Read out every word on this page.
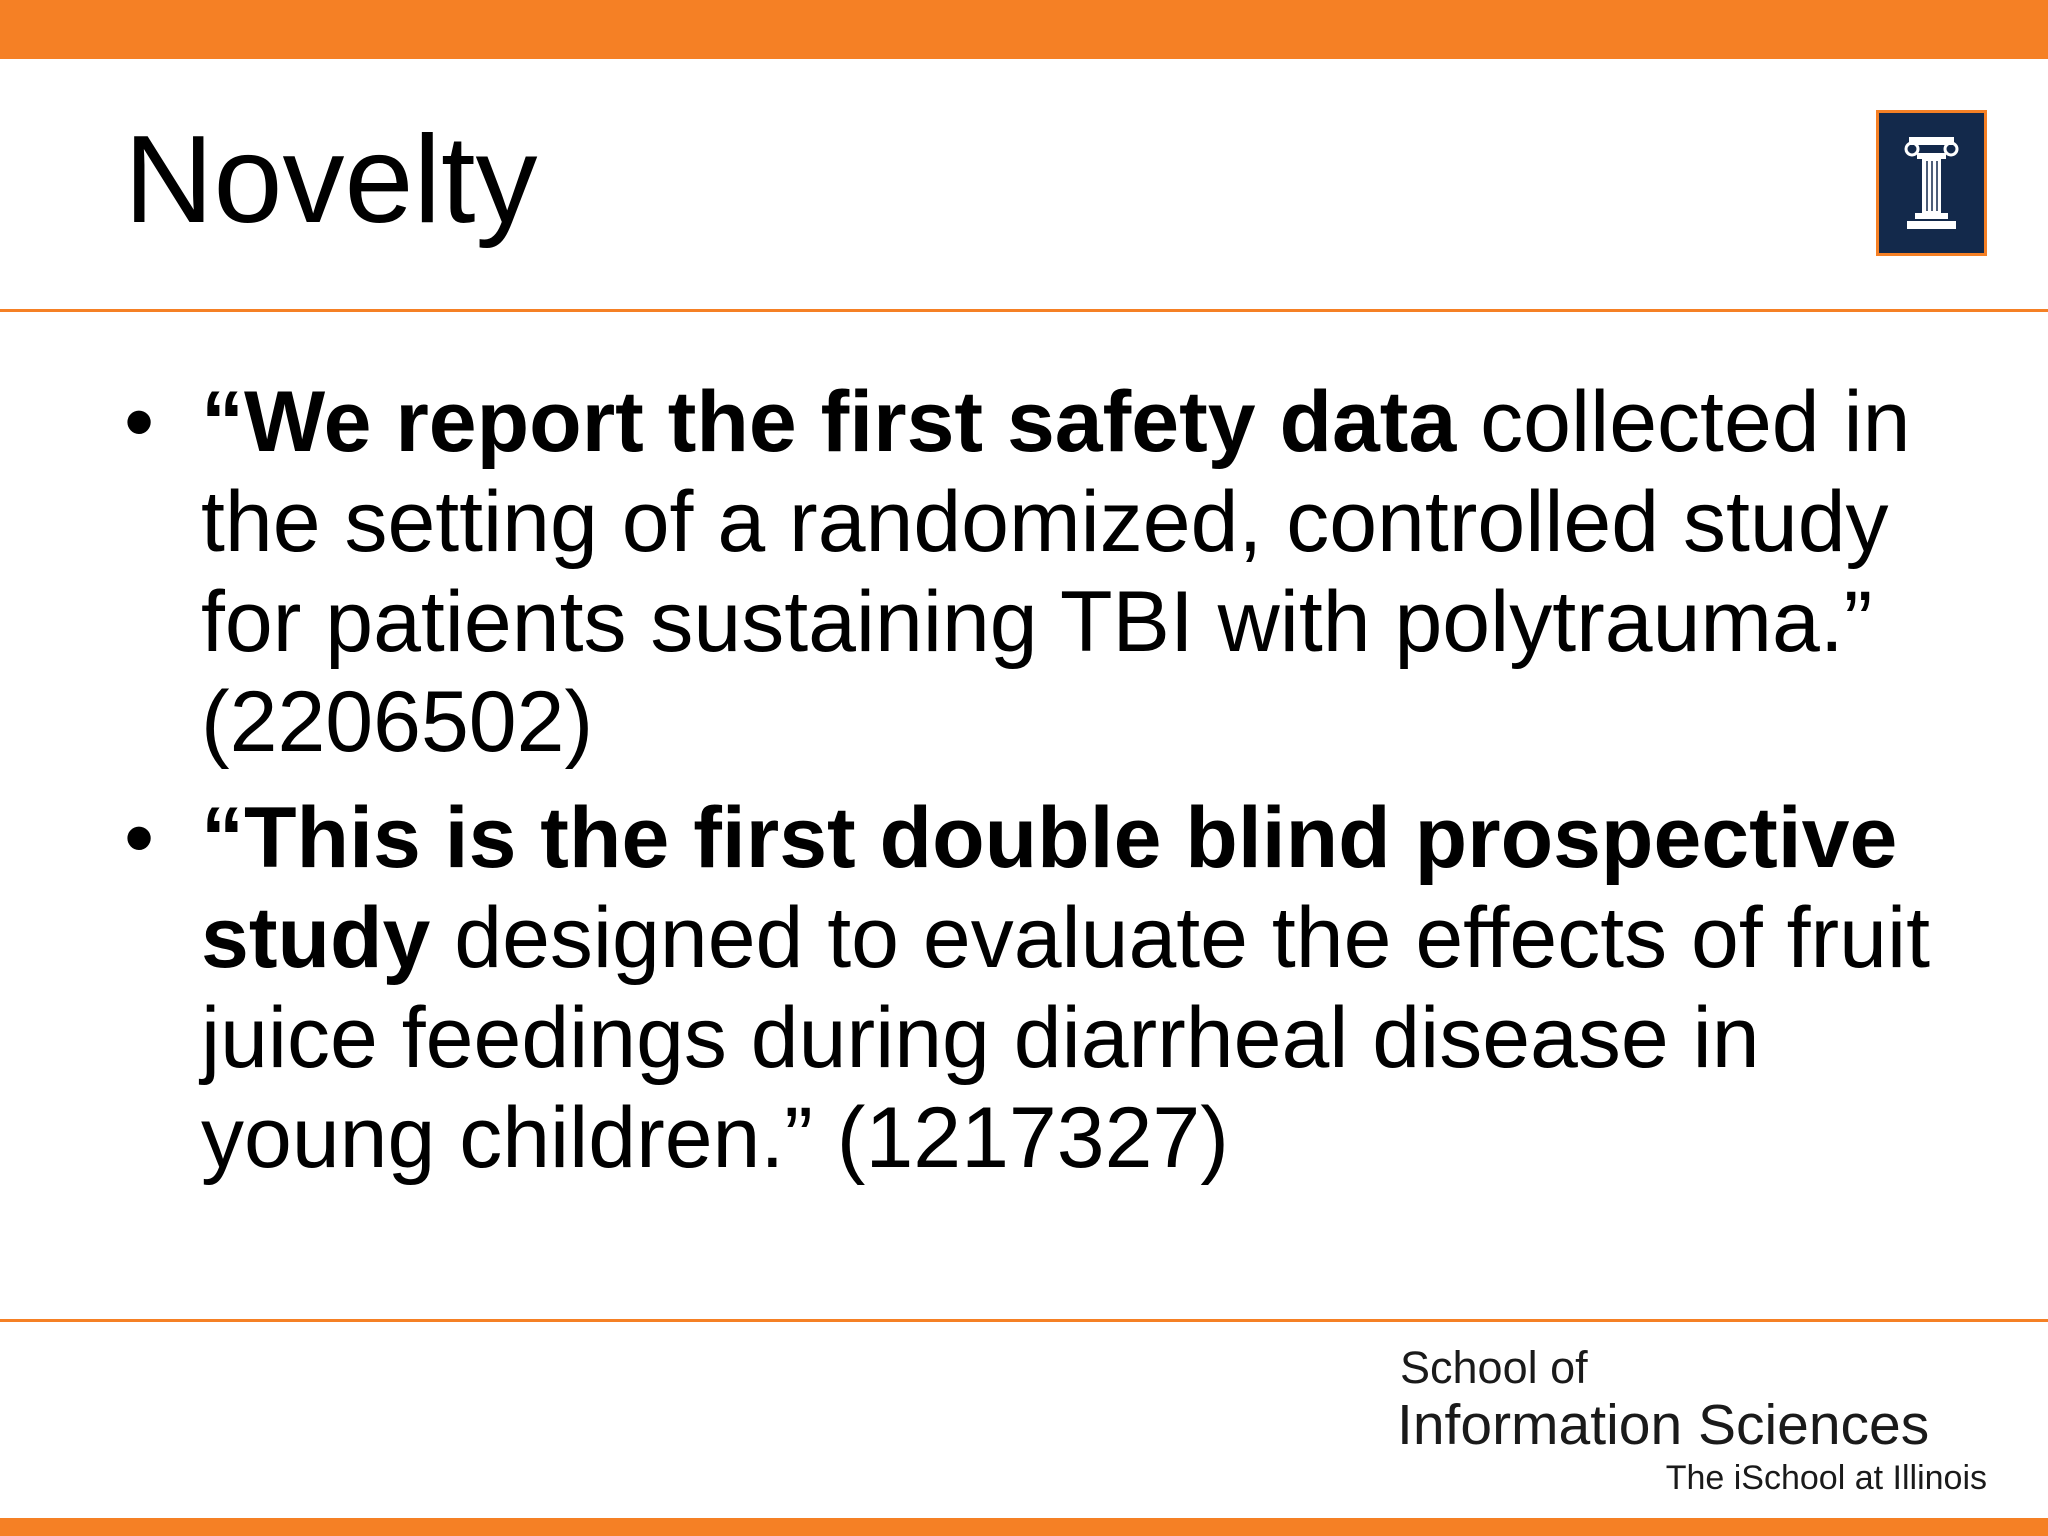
Novelty
• “We report the first safety data collected in the setting of a randomized, controlled study for patients sustaining TBI with polytrauma.” (2206502)
• “This is the first double blind prospective study designed to evaluate the effects of fruit juice feedings during diarrheal disease in young children.” (1217327)
School of
Information Sciences
The iSchool at Illinois
